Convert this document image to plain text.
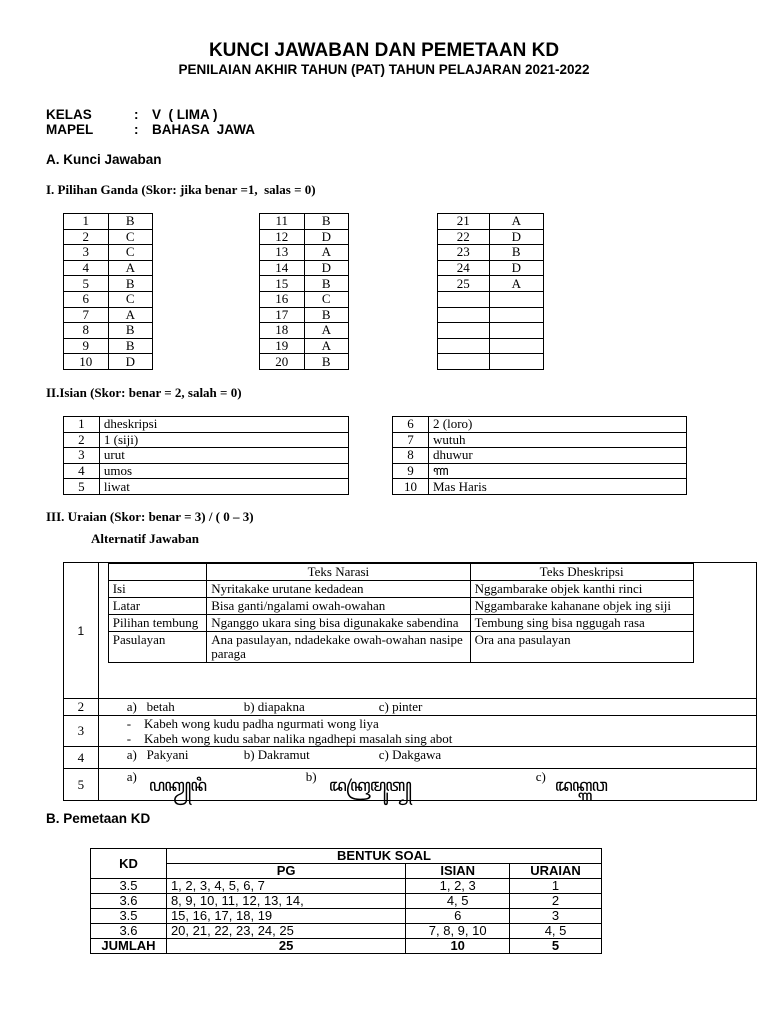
KUNCI JAWABAN DAN PEMETAAN KD
PENILAIAN AKHIR TAHUN (PAT) TAHUN PELAJARAN 2021-2022
KELAS	: V  ( LIMA )
MAPEL	: BAHASA  JAWA
A. Kunci Jawaban
I. Pilihan Ganda (Skor: jika benar =1,  salas = 0)
1	B
2	C
3	C
4	A
5	B
6	C
7	A
8	B
9	B
10	D
11	B
12	D
13	A
14	D
15	B
16	C
17	B
18	A
19	A
20	B
21	A
22	D
23	B
24	D
25	A

II.Isian (Skor: benar = 2, salah = 0)
1	dheskripsi
2	1 (siji)
3	urut
4	umos
5	liwat
6	2 (loro)
7	wutuh
8	dhuwur
9	ꦟ
10	Mas Haris
III. Uraian (Skor: benar = 3) / ( 0 – 3)
Alternatif Jawaban
1	
	Teks Narasi	Teks Dheskripsi
Isi	Nyritakake urutane kedadean	Nggambarake objek kanthi rinci
Latar	Bisa ganti/ngalami owah-owahan	Nggambarake kahanane objek ing siji
Pilihan tembung	Nganggo ukara sing bisa digunakake sabendina	Tembung sing bisa nggugah rasa
Pasulayan	Ana pasulayan, ndadekake owah-owahan nasipe paraga	Ora ana pasulayan

2	a)   betah	b) diapakna	c) pinter

3	-    Kabeh wong kudu padha ngurmati wong liya
-    Kabeh wong kudu sabar nalika ngadhepi masalah sing abot

4	a)   Pakyani	b) Dakramut	c) Dakgawa

5	a) ꦥꦏꦾꦤꦶ	b) ꦢꦏꦿꦩꦸꦠ꧀	c) ꦢꦏ꧀ꦒꦮ
B. Pemetaan KD
KD	BENTUK SOAL		
	PG	ISIAN	URAIAN
3.5	1, 2, 3, 4, 5, 6, 7	1, 2, 3	1
3.6	8, 9, 10, 11, 12, 13, 14,	4, 5	2
3.5	15, 16, 17, 18, 19	6	3
3.6	20, 21, 22, 23, 24, 25	7, 8, 9, 10	4, 5
JUMLAH	25	10	5
